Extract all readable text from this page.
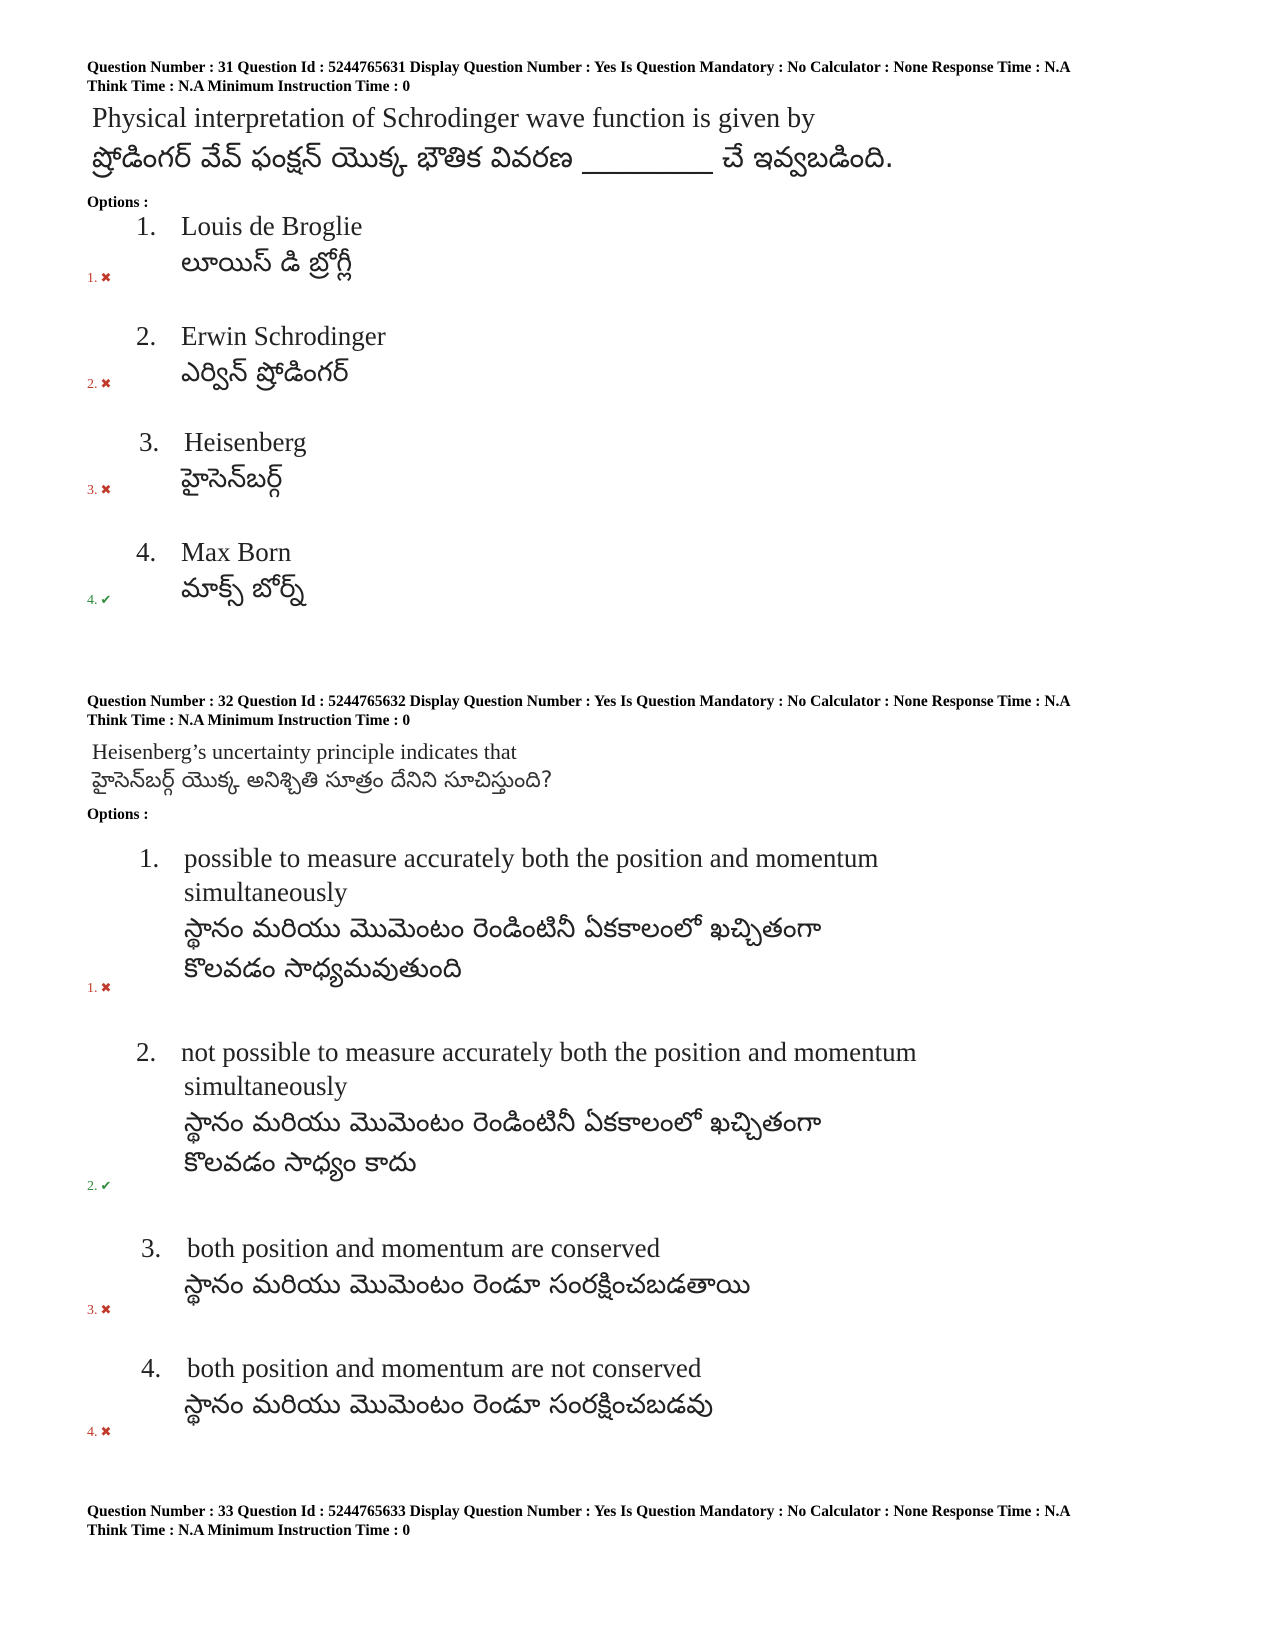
Question Number : 31 Question Id : 5244765631 Display Question Number : Yes Is Question Mandatory : No Calculator : None Response Time : N.A
Think Time : N.A Minimum Instruction Time : 0
Physical interpretation of Schrodinger wave function is given by
ష్రోడింగర్ వేవ్ ఫంక్షన్ యొక్క భౌతిక వివరణ _________ చే ఇవ్వబడింది.
Options :
1. Louis de Broglie
లూయిస్ డి బ్రోగ్లీ
1. ✖
2. Erwin Schrodinger
ఎర్విన్ ష్రోడింగర్
2. ✖
3. Heisenberg
హైసెన్‌బర్గ్
3. ✖
4. Max Born
మాక్స్ బోర్న్
4. ✔
Question Number : 32 Question Id : 5244765632 Display Question Number : Yes Is Question Mandatory : No Calculator : None Response Time : N.A
Think Time : N.A Minimum Instruction Time : 0
Heisenberg’s uncertainty principle indicates that
హైసెన్‌బర్గ్ యొక్క అనిశ్చితి సూత్రం దేనిని సూచిస్తుంది?
Options :
1. possible to measure accurately both the position and momentum
simultaneously
స్థానం మరియు మొమెంటం రెండింటినీ ఏకకాలంలో ఖచ్చితంగా
కొలవడం సాధ్యమవుతుంది
1. ✖
2. not possible to measure accurately both the position and momentum
simultaneously
స్థానం మరియు మొమెంటం రెండింటినీ ఏకకాలంలో ఖచ్చితంగా
కొలవడం సాధ్యం కాదు
2. ✔
3. both position and momentum are conserved
స్థానం మరియు మొమెంటం రెండూ సంరక్షించబడతాయి
3. ✖
4. both position and momentum are not conserved
స్థానం మరియు మొమెంటం రెండూ సంరక్షించబడవు
4. ✖
Question Number : 33 Question Id : 5244765633 Display Question Number : Yes Is Question Mandatory : No Calculator : None Response Time : N.A
Think Time : N.A Minimum Instruction Time : 0
